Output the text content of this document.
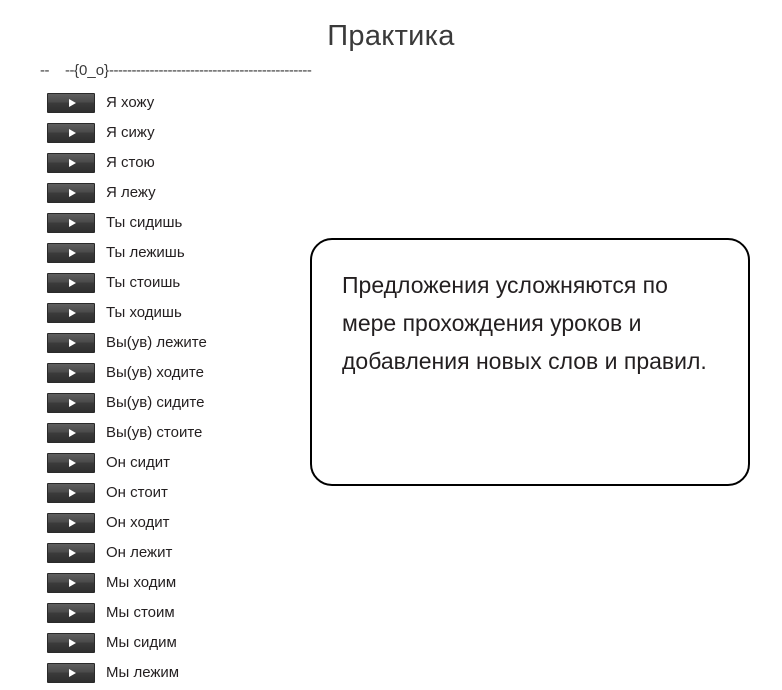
Практика
--

-- {0_o} ---------------------------------------------
Я хожу
Я сижу
Я стою
Я лежу
Ты сидишь
Ты лежишь
Ты стоишь
Ты ходишь
Вы(ув) лежите
Вы(ув) ходите
Вы(ув) сидите
Вы(ув) стоите
Он сидит
Он стоит
Он ходит
Он лежит
Мы ходим
Мы стоим
Мы сидим
Мы лежим
Предложения усложняются по мере прохождения уроков и добавления новых слов и правил.
